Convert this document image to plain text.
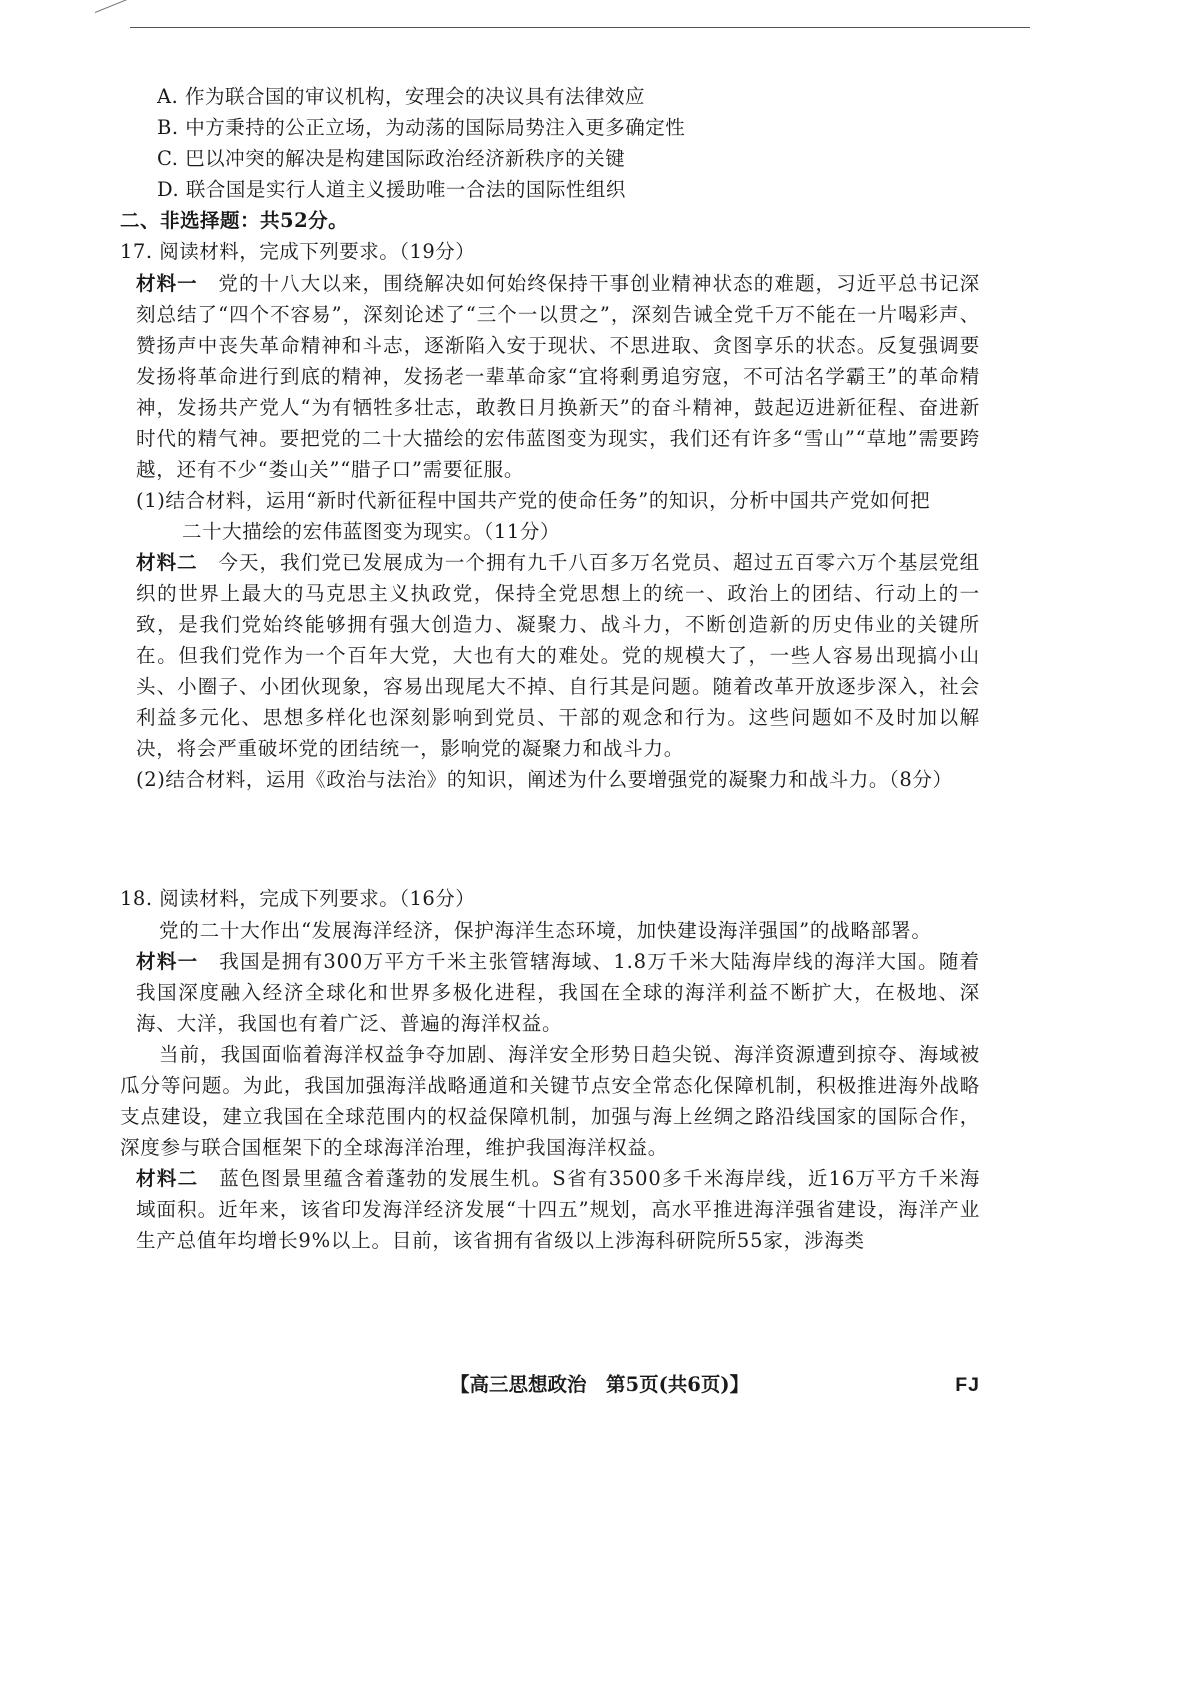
A. 作为联合国的审议机构，安理会的决议具有法律效应
B. 中方秉持的公正立场，为动荡的国际局势注入更多确定性
C. 巴以冲突的解决是构建国际政治经济新秩序的关键
D. 联合国是实行人道主义援助唯一合法的国际性组织
二、非选择题：共52分。
17. 阅读材料，完成下列要求。（19分）

材料一　 党的十八大以来，围绕解决如何始终保持干事创业精神状态的难题，习近平总书记深刻总结了“四个不容易”，深刻论述了“三个一以贯之”，深刻告诫全党千万不能在一片喝彩声、赞扬声中丧失革命精神和斗志，逐渐陷入安于现状、不思进取、贪图享乐的状态。反复强调要发扬将革命进行到底的精神，发扬老一辈革命家“宜将剩勇追穷寇，不可沽名学霸王”的革命精神，发扬共产党人“为有牺牲多壮志，敢教日月换新天”的奋斗精神，鼓起迈进新征程、奋进新时代的精气神。要把党的二十大描绘的宏伟蓝图变为现实，我们还有许多“雪山”“草地”需要跨越，还有不少“娄山关”“腊子口”需要征服。

(1)结合材料，运用“新时代新征程中国共产党的使命任务”的知识，分析中国共产党如何把
二十大描绘的宏伟蓝图变为现实。（11分）

材料二　 今天，我们党已发展成为一个拥有九千八百多万名党员、超过五百零六万个基层党组织的世界上最大的马克思主义执政党，保持全党思想上的统一、政治上的团结、行动上的一致，是我们党始终能够拥有强大创造力、凝聚力、战斗力，不断创造新的历史伟业的关键所在。但我们党作为一个百年大党，大也有大的难处。党的规模大了，一些人容易出现搞小山头、小圈子、小团伙现象，容易出现尾大不掉、自行其是问题。随着改革开放逐步深入，社会利益多元化、思想多样化也深刻影响到党员、干部的观念和行为。这些问题如不及时加以解决，将会严重破坏党的团结统一，影响党的凝聚力和战斗力。

(2)结合材料，运用《政治与法治》的知识，阐述为什么要增强党的凝聚力和战斗力。（8分）
18. 阅读材料，完成下列要求。（16分）

党的二十大作出“发展海洋经济，保护海洋生态环境，加快建设海洋强国”的战略部署。

材料一　 我国是拥有300万平方千米主张管辖海域、1.8万千米大陆海岸线的海洋大国。随着我国深度融入经济全球化和世界多极化进程，我国在全球的海洋利益不断扩大，在极地、深海、大洋，我国也有着广泛、普遍的海洋权益。

当前，我国面临着海洋权益争夺加剧、海洋安全形势日趋尖锐、海洋资源遭到掠夺、海域被瓜分等问题。为此，我国加强海洋战略通道和关键节点安全常态化保障机制，积极推进海外战略支点建设，建立我国在全球范围内的权益保障机制，加强与海上丝绸之路沿线国家的国际合作，深度参与联合国框架下的全球海洋治理，维护我国海洋权益。

材料二　 蓝色图景里蕴含着蓬勃的发展生机。S省有3500多千米海岸线，近16万平方千米海域面积。近年来，该省印发海洋经济发展“十四五”规划，高水平推进海洋强省建设，海洋产业生产总值年均增长9%以上。目前，该省拥有省级以上涉海科研院所55家，涉海类

【高三思想政治　第5页(共6页)】	FJ
